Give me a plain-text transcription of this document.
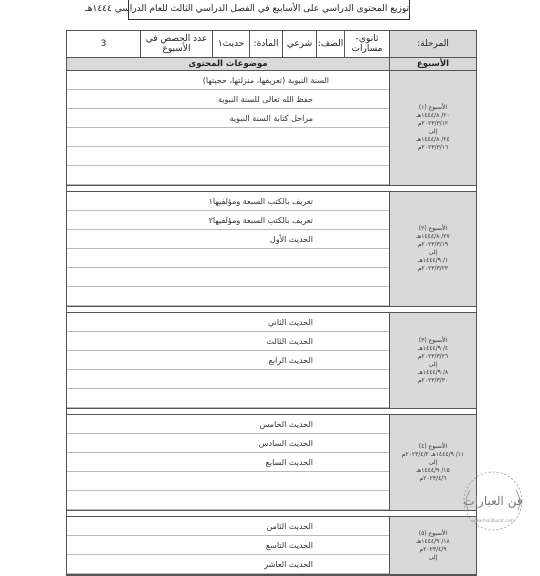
توزيع المحتوى الدراسي على الأسابيع في الفصل الدراسي الثالث للعام الدراسي ١٤٤٤هـ
المرحلة:
ثانوي- مسارات
الصف:
شرعي
المادة:
حديث١
عدد الحصص في الأسبوع
3
الأسبوع
موضوعات المحتوى
الأسبوع (١)
٢٠/ ١٤٤٤/٨هـ
٢٠٢٣/٣/١٢م
إلى
٢٤/ ١٤٤٤/٨هـ
٢٠٢٣/٣/١٦م
السنة النبوية (تعريفها، منزلتها، حجيتها)
حفظ الله تعالى للسنة النبوية
مراحل كتابة السنة النبوية
الأسبوع (٢)
٢٧/ ١٤٤٤/٨هـ
٢٠٢٣/٣/١٩م
إلى
١/ ١٤٤٤/٩هـ
٢٠٢٣/٣/٢٣م
تعريف بالكتب السبعة ومؤلفيها١
تعريف بالكتب السبعة ومؤلفيها٢
الحديث الأول
الأسبوع (٣)
٤/ ١٤٤٤/٩هـ
٢٠٢٣/٣/٢٦م
إلى
٨/ ١٤٤٤/٩هـ
٢٠٢٣/٣/٣٠م
الحديث الثاني
الحديث الثالث
الحديث الرابع
الأسبوع (٤)
١١/ ١٤٤٤/٩هـ ٢٠٢٣/٤/٢م
إلى
١٥/ ١٤٤٤/٩هـ
٢٠٢٣/٤/٦م
الحديث الخامس
الحديث السادس
الحديث السابع
الأسبوع (٥)
١٨/ ١٤٤٤/٩هـ
٢٠٢٣/٤/٩م
إلى
الحديث الثامن
الحديث التاسع
الحديث العاشر
فن العبارات
www.fnal3barat.com
